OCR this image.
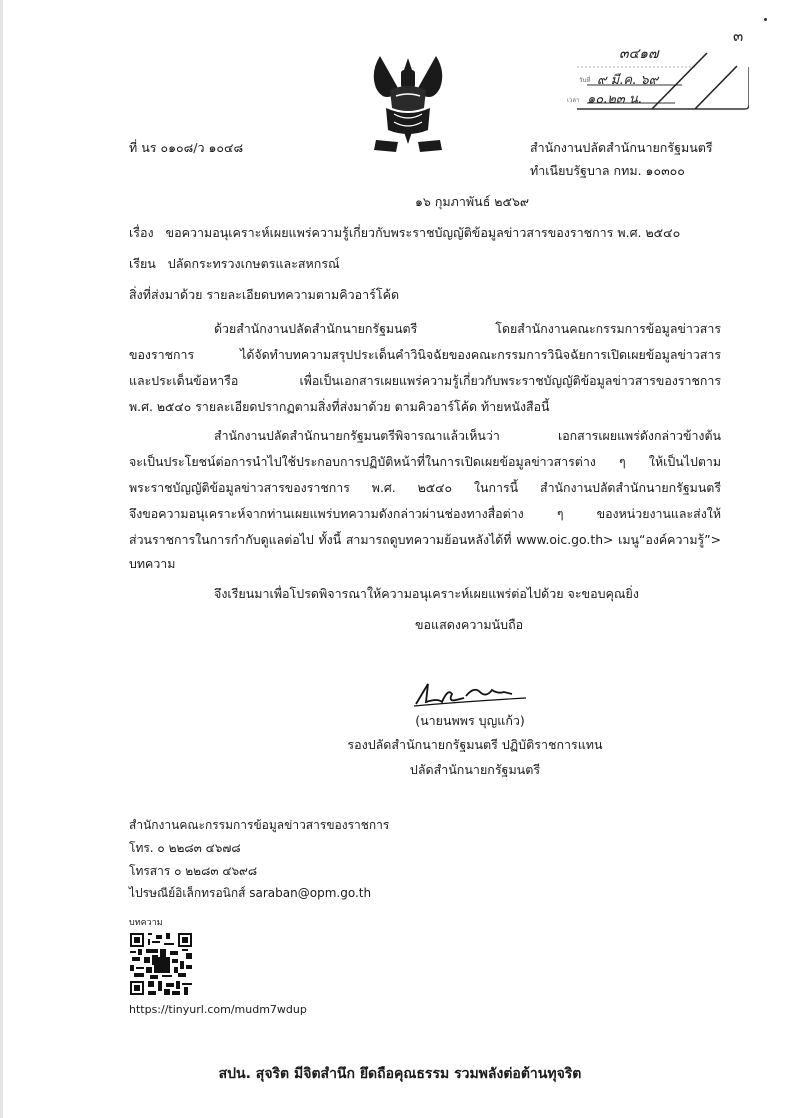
๓
๓๔๑๗
วันที่ ๙ มี.ค. ๖๙
เวลา ๑๐.๒๓ น.
ที่ นร ๐๑๐๘/ว ๑๐๔๘	สำนักงานปลัดสำนักนายกรัฐมนตรี
ทำเนียบรัฐบาล กทม. ๑๐๓๐๐
๑๖ กุมภาพันธ์ ๒๕๖๙
เรื่อง ขอความอนุเคราะห์เผยแพร่ความรู้เกี่ยวกับพระราชบัญญัติข้อมูลข่าวสารของราชการ พ.ศ. ๒๕๔๐
เรียน ปลัดกระทรวงเกษตรและสหกรณ์
สิ่งที่ส่งมาด้วย รายละเอียดบทความตามคิวอาร์โค้ด
ด้วยสำนักงานปลัดสำนักนายกรัฐมนตรี โดยสำนักงานคณะกรรมการข้อมูลข่าวสาร
ของราชการ ได้จัดทำบทความสรุปประเด็นคำวินิจฉัยของคณะกรรมการวินิจฉัยการเปิดเผยข้อมูลข่าวสาร
และประเด็นข้อหารือ เพื่อเป็นเอกสารเผยแพร่ความรู้เกี่ยวกับพระราชบัญญัติข้อมูลข่าวสารของราชการ
พ.ศ. ๒๕๔๐ รายละเอียดปรากฏตามสิ่งที่ส่งมาด้วย ตามคิวอาร์โค้ด ท้ายหนังสือนี้
สำนักงานปลัดสำนักนายกรัฐมนตรีพิจารณาแล้วเห็นว่า เอกสารเผยแพร่ดังกล่าวข้างต้น
จะเป็นประโยชน์ต่อการนำไปใช้ประกอบการปฏิบัติหน้าที่ในการเปิดเผยข้อมูลข่าวสารต่าง ๆ ให้เป็นไปตาม
พระราชบัญญัติข้อมูลข่าวสารของราชการ พ.ศ. ๒๕๔๐ ในการนี้ สำนักงานปลัดสำนักนายกรัฐมนตรี
จึงขอความอนุเคราะห์จากท่านเผยแพร่บทความดังกล่าวผ่านช่องทางสื่อต่าง ๆ ของหน่วยงานและส่งให้
ส่วนราชการในการกำกับดูแลต่อไป ทั้งนี้ สามารถดูบทความย้อนหลังได้ที่ www.oic.go.th> เมนู“องค์ความรู้”>
บทความ
จึงเรียนมาเพื่อโปรดพิจารณาให้ความอนุเคราะห์เผยแพร่ต่อไปด้วย จะขอบคุณยิ่ง
ขอแสดงความนับถือ
(นายนพพร บุญแก้ว)
รองปลัดสำนักนายกรัฐมนตรี ปฏิบัติราชการแทน
ปลัดสำนักนายกรัฐมนตรี
สำนักงานคณะกรรมการข้อมูลข่าวสารของราชการ
โทร. ๐ ๒๒๘๓ ๔๖๗๘
โทรสาร ๐ ๒๒๘๓ ๔๖๙๘
ไปรษณีย์อิเล็กทรอนิกส์ saraban@opm.go.th
บทความ
https://tinyurl.com/mudm7wdup
สปน. สุจริต มีจิตสำนึก ยึดถือคุณธรรม รวมพลังต่อต้านทุจริต
